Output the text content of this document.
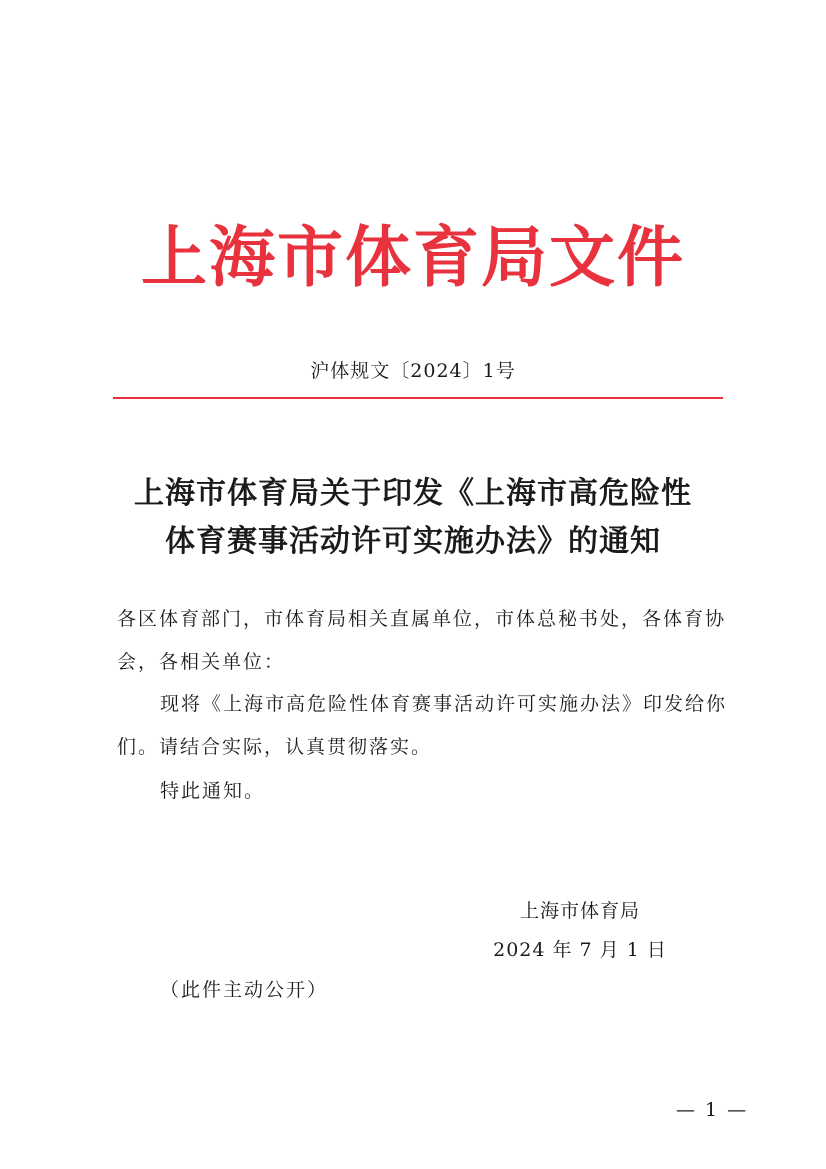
上海市体育局文件
沪体规文〔2024〕1号
上海市体育局关于印发《上海市高危险性
体育赛事活动许可实施办法》的通知
各区体育部门，市体育局相关直属单位，市体总秘书处，各体育协会，各相关单位：
现将《上海市高危险性体育赛事活动许可实施办法》印发给你们。请结合实际，认真贯彻落实。
特此通知。
上海市体育局
2024 年 7 月 1 日
（此件主动公开）
— 1 —
